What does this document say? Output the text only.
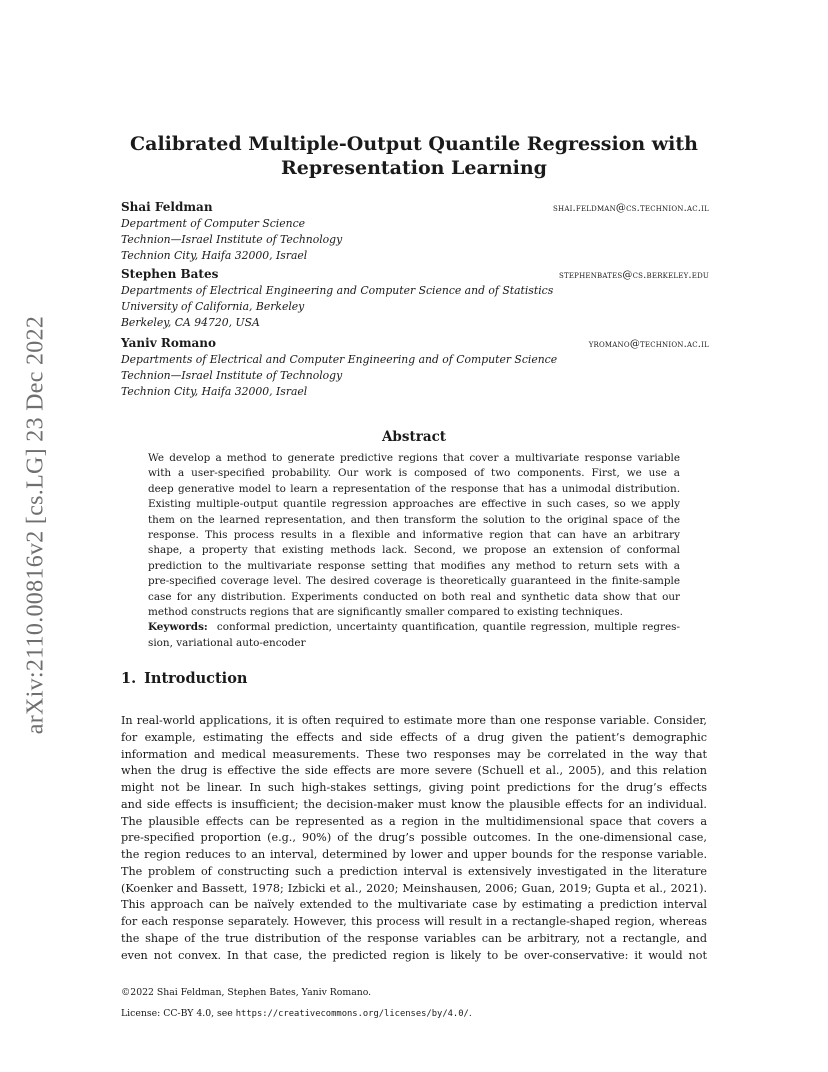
arXiv:2110.00816v2 [cs.LG] 23 Dec 2022
Calibrated Multiple-Output Quantile Regression with
Representation Learning
Shai Feldman	shai.feldman@cs.technion.ac.il
Department of Computer Science
Technion—Israel Institute of Technology
Technion City, Haifa 32000, Israel
Stephen Bates	stephenbates@cs.berkeley.edu
Departments of Electrical Engineering and Computer Science and of Statistics
University of California, Berkeley
Berkeley, CA 94720, USA
Yaniv Romano	yromano@technion.ac.il
Departments of Electrical and Computer Engineering and of Computer Science
Technion—Israel Institute of Technology
Technion City, Haifa 32000, Israel
Abstract
We develop a method to generate predictive regions that cover a multivariate response variable
with a user-specified probability. Our work is composed of two components. First, we use a
deep generative model to learn a representation of the response that has a unimodal distribution.
Existing multiple-output quantile regression approaches are effective in such cases, so we apply
them on the learned representation, and then transform the solution to the original space of the
response. This process results in a flexible and informative region that can have an arbitrary
shape, a property that existing methods lack. Second, we propose an extension of conformal
prediction to the multivariate response setting that modifies any method to return sets with a
pre-specified coverage level. The desired coverage is theoretically guaranteed in the finite-sample
case for any distribution. Experiments conducted on both real and synthetic data show that our
method constructs regions that are significantly smaller compared to existing techniques.
Keywords: conformal prediction, uncertainty quantification, quantile regression, multiple regres-
sion, variational auto-encoder
1. Introduction
In real-world applications, it is often required to estimate more than one response variable. Consider,
for example, estimating the effects and side effects of a drug given the patient’s demographic
information and medical measurements. These two responses may be correlated in the way that
when the drug is effective the side effects are more severe (Schuell et al., 2005), and this relation
might not be linear. In such high-stakes settings, giving point predictions for the drug’s effects
and side effects is insufficient; the decision-maker must know the plausible effects for an individual.
The plausible effects can be represented as a region in the multidimensional space that covers a
pre-specified proportion (e.g., 90%) of the drug’s possible outcomes. In the one-dimensional case,
the region reduces to an interval, determined by lower and upper bounds for the response variable.
The problem of constructing such a prediction interval is extensively investigated in the literature
(Koenker and Bassett, 1978; Izbicki et al., 2020; Meinshausen, 2006; Guan, 2019; Gupta et al., 2021).
This approach can be naïvely extended to the multivariate case by estimating a prediction interval
for each response separately. However, this process will result in a rectangle-shaped region, whereas
the shape of the true distribution of the response variables can be arbitrary, not a rectangle, and
even not convex. In that case, the predicted region is likely to be over-conservative: it would not
©2022 Shai Feldman, Stephen Bates, Yaniv Romano.
License: CC-BY 4.0, see https://creativecommons.org/licenses/by/4.0/.
